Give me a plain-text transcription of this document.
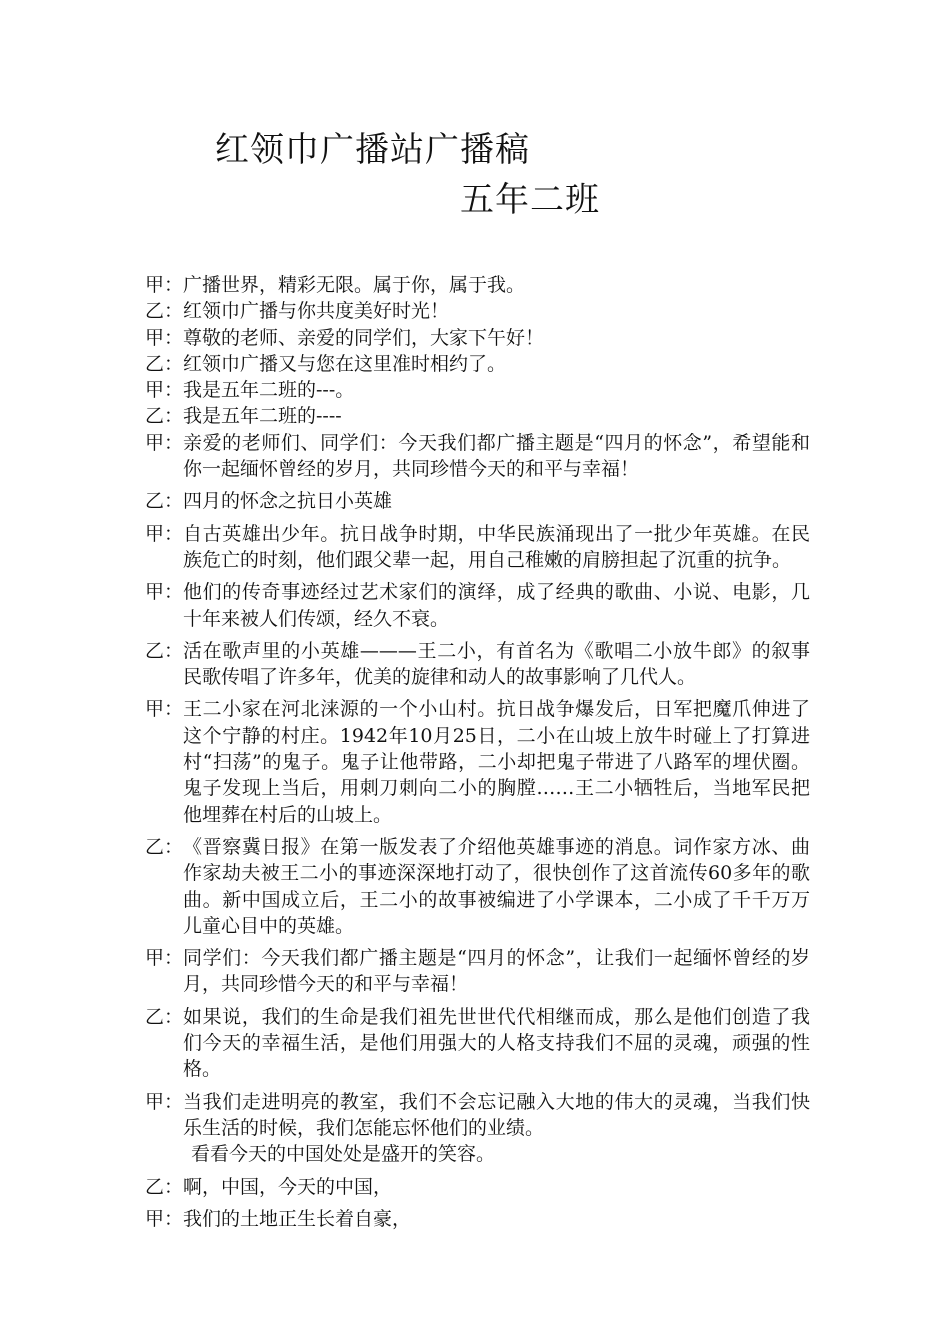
红领巾广播站广播稿
五年二班
甲： 广播世界，精彩无限。属于你，属于我。
乙： 红领巾广播与你共度美好时光！
甲： 尊敬的老师、亲爱的同学们，大家下午好！
乙： 红领巾广播又与您在这里准时相约了。
甲： 我是五年二班的---。
乙： 我是五年二班的----
甲： 亲爱的老师们、同学们：今天我们都广播主题是“四月的怀念”，希望能和你一起缅怀曾经的岁月，共同珍惜今天的和平与幸福！
乙： 四月的怀念之抗日小英雄
甲： 自古英雄出少年。抗日战争时期，中华民族涌现出了一批少年英雄。在民族危亡的时刻，他们跟父辈一起，用自己稚嫩的肩膀担起了沉重的抗争。
甲： 他们的传奇事迹经过艺术家们的演绎，成了经典的歌曲、小说、电影，几十年来被人们传颂，经久不衰。
乙： 活在歌声里的小英雄———王二小，有首名为《歌唱二小放牛郎》的叙事民歌传唱了许多年，优美的旋律和动人的故事影响了几代人。
甲： 王二小家在河北涞源的一个小山村。抗日战争爆发后，日军把魔爪伸进了这个宁静的村庄。1942年10月25日，二小在山坡上放牛时碰上了打算进村“扫荡”的鬼子。鬼子让他带路，二小却把鬼子带进了八路军的埋伏圈。鬼子发现上当后，用刺刀刺向二小的胸膛……王二小牺牲后，当地军民把他埋葬在村后的山坡上。
乙： 《晋察冀日报》在第一版发表了介绍他英雄事迹的消息。词作家方冰、曲作家劫夫被王二小的事迹深深地打动了，很快创作了这首流传60多年的歌曲。新中国成立后，王二小的故事被编进了小学课本，二小成了千千万万儿童心目中的英雄。
甲： 同学们：今天我们都广播主题是“四月的怀念”，让我们一起缅怀曾经的岁月，共同珍惜今天的和平与幸福！
乙： 如果说，我们的生命是我们祖先世世代代相继而成，那么是他们创造了我们今天的幸福生活，是他们用强大的人格支持我们不屈的灵魂，顽强的性格。
甲： 当我们走进明亮的教室，我们不会忘记融入大地的伟大的灵魂，当我们快乐生活的时候，我们怎能忘怀他们的业绩。
看看今天的中国处处是盛开的笑容。
乙： 啊，中国，今天的中国，
甲： 我们的土地正生长着自豪，
